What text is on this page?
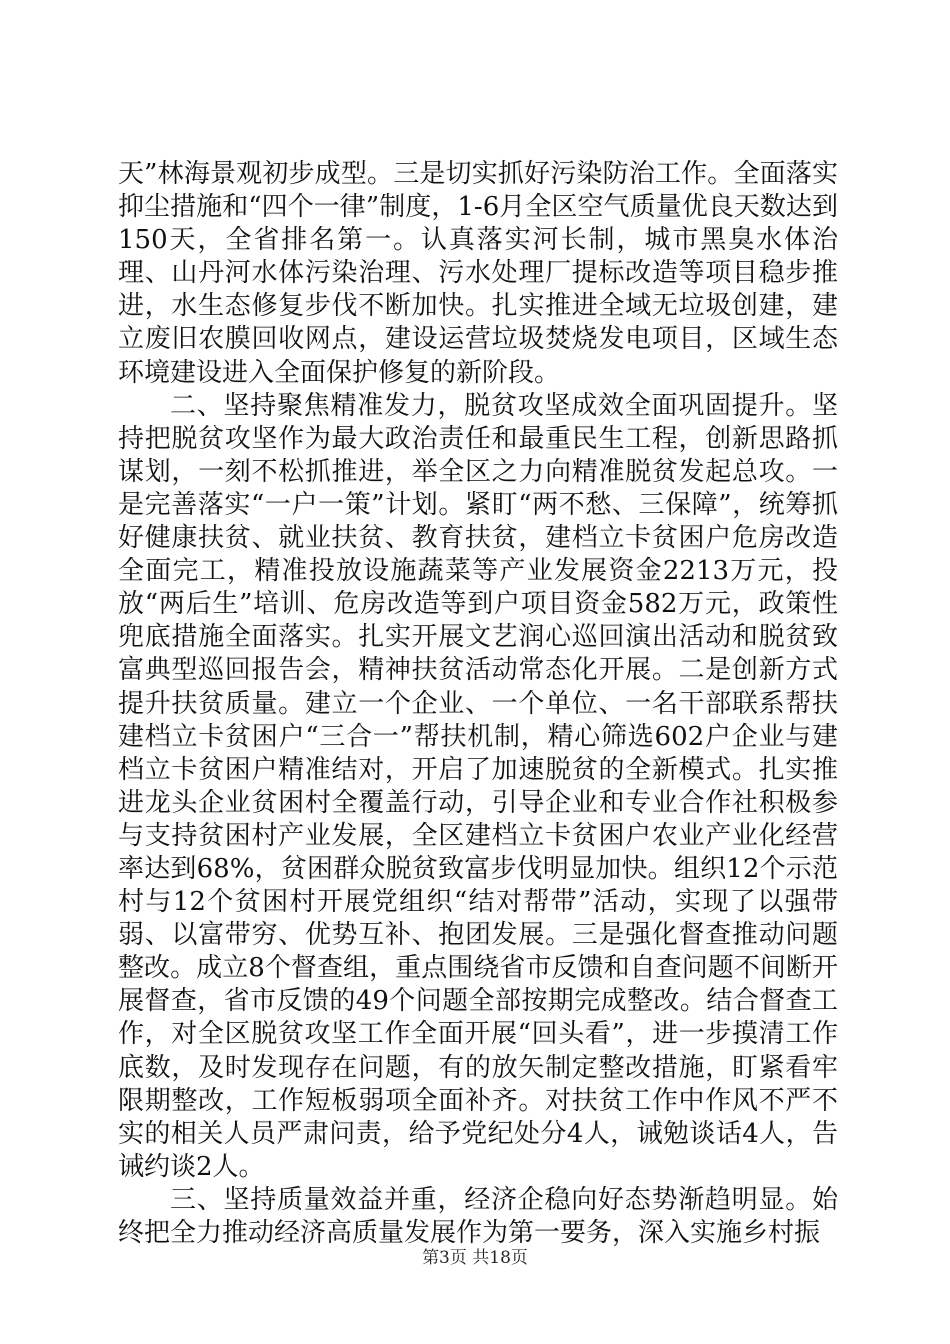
天”林海景观初步成型。三是切实抓好污染防治工作。全面落实抑尘措施和“四个一律”制度，1-6月全区空气质量优良天数达到150天，全省排名第一。认真落实河长制，城市黑臭水体治理、山丹河水体污染治理、污水处理厂提标改造等项目稳步推进，水生态修复步伐不断加快。扎实推进全域无垃圾创建，建立废旧农膜回收网点，建设运营垃圾焚烧发电项目，区域生态环境建设进入全面保护修复的新阶段。

二、坚持聚焦精准发力，脱贫攻坚成效全面巩固提升。坚持把脱贫攻坚作为最大政治责任和最重民生工程，创新思路抓谋划，一刻不松抓推进，举全区之力向精准脱贫发起总攻。一是完善落实“一户一策”计划。紧盯“两不愁、三保障”，统筹抓好健康扶贫、就业扶贫、教育扶贫，建档立卡贫困户危房改造全面完工，精准投放设施蔬菜等产业发展资金2213万元，投放“两后生”培训、危房改造等到户项目资金582万元，政策性兜底措施全面落实。扎实开展文艺润心巡回演出活动和脱贫致富典型巡回报告会，精神扶贫活动常态化开展。二是创新方式提升扶贫质量。建立一个企业、一个单位、一名干部联系帮扶建档立卡贫困户“三合一”帮扶机制，精心筛选602户企业与建档立卡贫困户精准结对，开启了加速脱贫的全新模式。扎实推进龙头企业贫困村全覆盖行动，引导企业和专业合作社积极参与支持贫困村产业发展，全区建档立卡贫困户农业产业化经营率达到68%，贫困群众脱贫致富步伐明显加快。组织12个示范村与12个贫困村开展党组织“结对帮带”活动，实现了以强带弱、以富带穷、优势互补、抱团发展。三是强化督查推动问题整改。成立8个督查组，重点围绕省市反馈和自查问题不间断开展督查，省市反馈的49个问题全部按期完成整改。结合督查工作，对全区脱贫攻坚工作全面开展“回头看”，进一步摸清工作底数，及时发现存在问题，有的放矢制定整改措施，盯紧看牢限期整改，工作短板弱项全面补齐。对扶贫工作中作风不严不实的相关人员严肃问责，给予党纪处分4人，诫勉谈话4人，告诫约谈2人。

三、坚持质量效益并重，经济企稳向好态势渐趋明显。始终把全力推动经济高质量发展作为第一要务，深入实施乡村振

第3页 共18页
